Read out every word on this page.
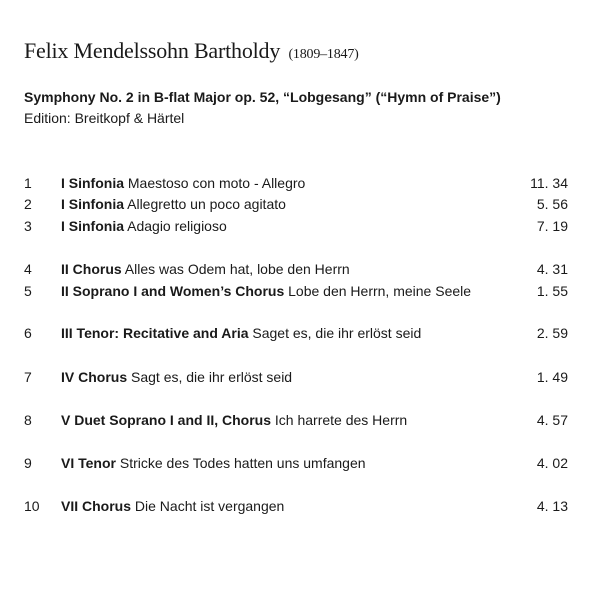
Felix Mendelssohn Bartholdy (1809–1847)
Symphony No. 2 in B-flat Major op. 52, “Lobgesang” (“Hymn of Praise”)
Edition: Breitkopf & Härtel
1 I Sinfonia Maestoso con moto - Allegro	11. 34
2 I Sinfonia Allegretto un poco agitato	5. 56
3 I Sinfonia Adagio religioso	7. 19
4 II Chorus Alles was Odem hat, lobe den Herrn	4. 31
5 II Soprano I and Women’s Chorus Lobe den Herrn, meine Seele	1. 55
6 III Tenor: Recitative and Aria Saget es, die ihr erlöst seid	2. 59
7 IV Chorus Sagt es, die ihr erlöst seid	1. 49
8 V Duet Soprano I and II, Chorus Ich harrete des Herrn	4. 57
9 VI Tenor Stricke des Todes hatten uns umfangen	4. 02
10 VII Chorus Die Nacht ist vergangen	4. 13
